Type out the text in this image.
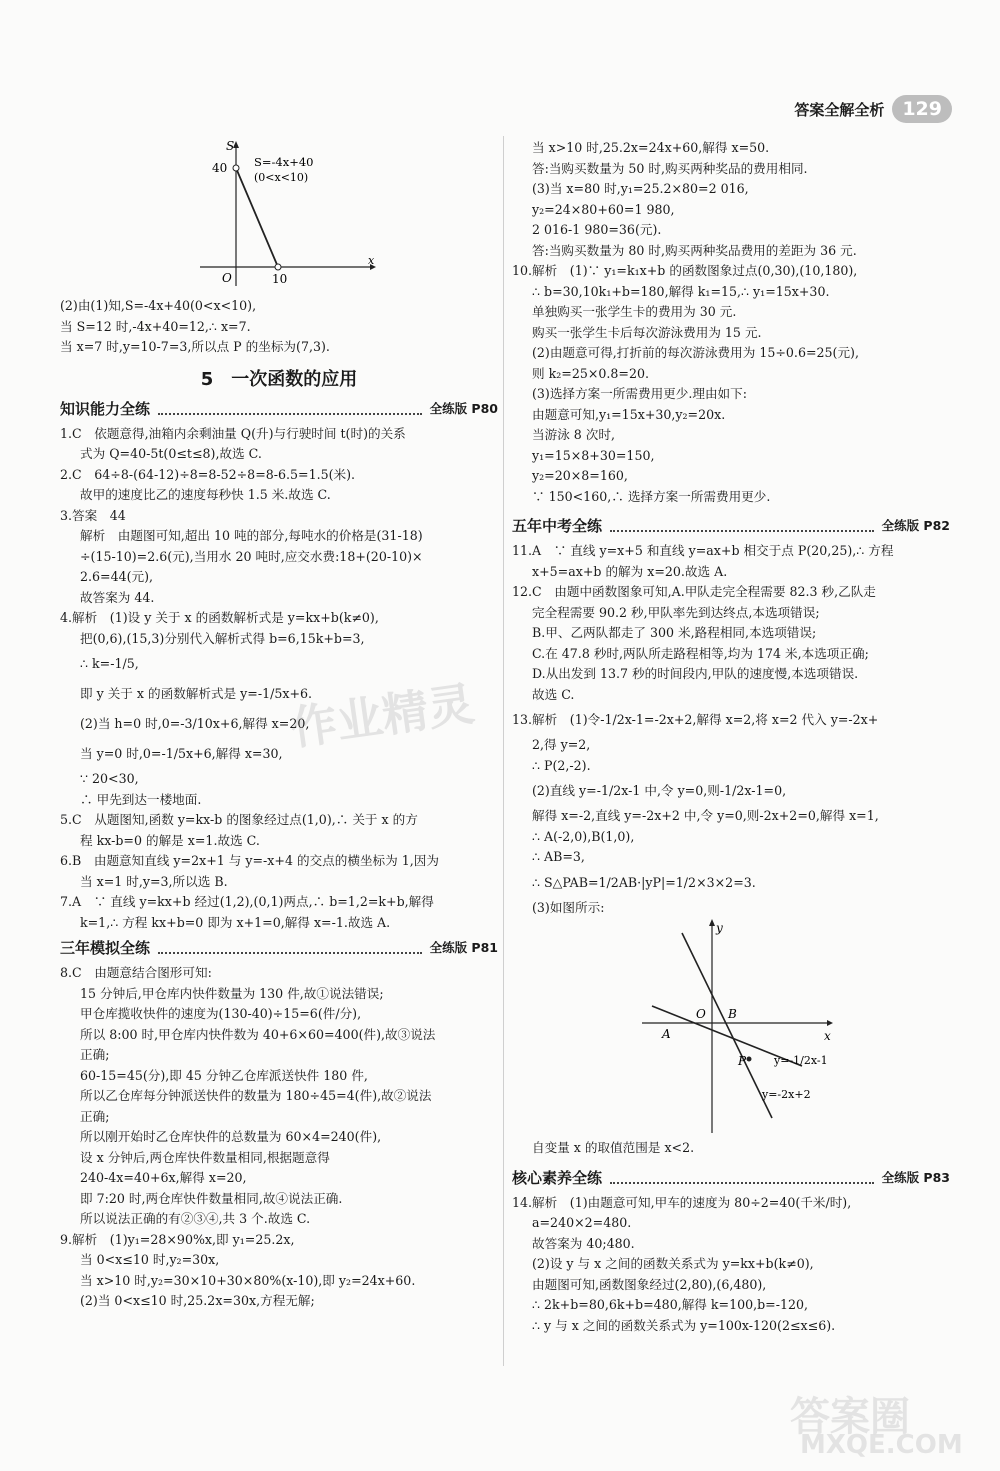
答案全解全析 129
S
x
O
40
10
S=-4x+40
(0<x<10)
(2)由(1)知,S=-4x+40(0<x<10),
当 S=12 时,-4x+40=12,∴ x=7.
当 x=7 时,y=10-7=3,所以点 P 的坐标为(7,3).
5　一次函数的应用
知识能力全练	全练版 P80
1.C　依题意得,油箱内余剩油量 Q(升)与行驶时间 t(时)的关系
式为 Q=40-5t(0≤t≤8),故选 C.
2.C　64÷8-(64-12)÷8=8-52÷8=8-6.5=1.5(米).
故甲的速度比乙的速度每秒快 1.5 米.故选 C.
3.答案　44
解析　由题图可知,超出 10 吨的部分,每吨水的价格是(31-18)
÷(15-10)=2.6(元),当用水 20 吨时,应交水费:18+(20-10)×
2.6=44(元),
故答案为 44.
4.解析　(1)设 y 关于 x 的函数解析式是 y=kx+b(k≠0),
把(0,6),(15,3)分别代入解析式得 b=6,15k+b=3,
∴ k=-1/5,
即 y 关于 x 的函数解析式是 y=-1/5x+6.
(2)当 h=0 时,0=-3/10x+6,解得 x=20,
当 y=0 时,0=-1/5x+6,解得 x=30,
∵ 20<30,
∴ 甲先到达一楼地面.
5.C　从题图知,函数 y=kx-b 的图象经过点(1,0),∴ 关于 x 的方
程 kx-b=0 的解是 x=1.故选 C.
6.B　由题意知直线 y=2x+1 与 y=-x+4 的交点的横坐标为 1,因为
当 x=1 时,y=3,所以选 B.
7.A　∵ 直线 y=kx+b 经过(1,2),(0,1)两点,∴ b=1,2=k+b,解得
k=1,∴ 方程 kx+b=0 即为 x+1=0,解得 x=-1.故选 A.
三年模拟全练	全练版 P81
8.C　由题意结合图形可知:
15 分钟后,甲仓库内快件数量为 130 件,故①说法错误;
甲仓库揽收快件的速度为(130-40)÷15=6(件/分),
所以 8:00 时,甲仓库内快件数为 40+6×60=400(件),故③说法
正确;
60-15=45(分),即 45 分钟乙仓库派送快件 180 件,
所以乙仓库每分钟派送快件的数量为 180÷45=4(件),故②说法
正确;
所以刚开始时乙仓库快件的总数量为 60×4=240(件),
设 x 分钟后,两仓库快件数量相同,根据题意得
240-4x=40+6x,解得 x=20,
即 7:20 时,两仓库快件数量相同,故④说法正确.
所以说法正确的有②③④,共 3 个.故选 C.
9.解析　(1)y₁=28×90%x,即 y₁=25.2x,
当 0<x≤10 时,y₂=30x,
当 x>10 时,y₂=30×10+30×80%(x-10),即 y₂=24x+60.
(2)当 0<x≤10 时,25.2x=30x,方程无解;
当 x>10 时,25.2x=24x+60,解得 x=50.
答:当购买数量为 50 时,购买两种奖品的费用相同.
(3)当 x=80 时,y₁=25.2×80=2 016,
y₂=24×80+60=1 980,
2 016-1 980=36(元).
答:当购买数量为 80 时,购买两种奖品费用的差距为 36 元.
10.解析　(1)∵ y₁=k₁x+b 的函数图象过点(0,30),(10,180),
∴ b=30,10k₁+b=180,解得 k₁=15,∴ y₁=15x+30.
单独购买一张学生卡的费用为 30 元.
购买一张学生卡后每次游泳费用为 15 元.
(2)由题意可得,打折前的每次游泳费用为 15÷0.6=25(元),
则 k₂=25×0.8=20.
(3)选择方案一所需费用更少.理由如下:
由题意可知,y₁=15x+30,y₂=20x.
当游泳 8 次时,
y₁=15×8+30=150,
y₂=20×8=160,
∵ 150<160,∴ 选择方案一所需费用更少.
五年中考全练	全练版 P82
11.A　∵ 直线 y=x+5 和直线 y=ax+b 相交于点 P(20,25),∴ 方程
x+5=ax+b 的解为 x=20.故选 A.
12.C　由题中函数图象可知,A.甲队走完全程需要 82.3 秒,乙队走
完全程需要 90.2 秒,甲队率先到达终点,本选项错误;
B.甲、乙两队都走了 300 米,路程相同,本选项错误;
C.在 47.8 秒时,两队所走路程相等,均为 174 米,本选项正确;
D.从出发到 13.7 秒的时间段内,甲队的速度慢,本选项错误.
故选 C.
13.解析　(1)令-1/2x-1=-2x+2,解得 x=2,将 x=2 代入 y=-2x+
2,得 y=2,
∴ P(2,-2).
(2)直线 y=-1/2x-1 中,令 y=0,则-1/2x-1=0,
解得 x=-2,直线 y=-2x+2 中,令 y=0,则-2x+2=0,解得 x=1,
∴ A(-2,0),B(1,0),
∴ AB=3,
∴ S△PAB=1/2AB·|yP|=1/2×3×2=3.
(3)如图所示:
y
x
O B
A
P	y=-1/2x-1
y=-2x+2
自变量 x 的取值范围是 x<2.
核心素养全练	全练版 P83
14.解析　(1)由题意可知,甲车的速度为 80÷2=40(千米/时),
a=240×2=480.
故答案为 40;480.
(2)设 y 与 x 之间的函数关系式为 y=kx+b(k≠0),
由题图可知,函数图象经过(2,80),(6,480),
∴ 2k+b=80,6k+b=480,解得 k=100,b=-120,
∴ y 与 x 之间的函数关系式为 y=100x-120(2≤x≤6).
作业精灵
答案圈
MXQE.COM
